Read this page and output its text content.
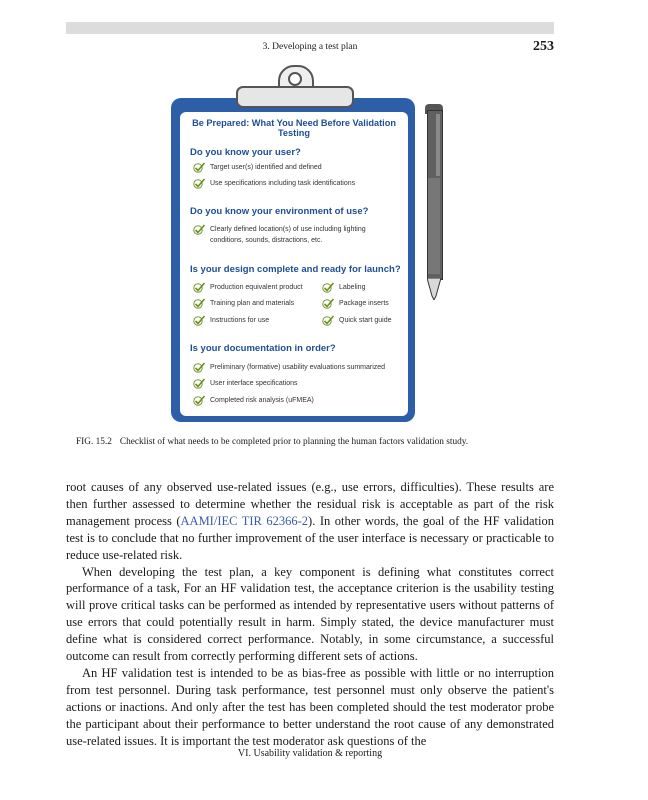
3. Developing a test plan	253
Be Prepared: What You Need Before Validation Testing
Do you know your user?
Target user(s) identified and defined
Use specifications including task identifications
Do you know your environment of use?
Clearly defined location(s) of use including lighting conditions, sounds, distractions, etc.
Is your design complete and ready for launch?
Production equivalent product	Labeling
Training plan and materials	Package inserts
Instructions for use	Quick start guide
Is your documentation in order?
Preliminary (formative) usability evaluations summarized
User interface specifications
Completed risk analysis (uFMEA)
FIG. 15.2 Checklist of what needs to be completed prior to planning the human factors validation study.

root causes of any observed use-related issues (e.g., use errors, difficulties). These results are then further assessed to determine whether the residual risk is acceptable as part of the risk management process (AAMI/IEC TIR 62366-2). In other words, the goal of the HF validation test is to conclude that no further improvement of the user interface is necessary or practicable to reduce use-related risk.

When developing the test plan, a key component is defining what constitutes correct performance of a task, For an HF validation test, the acceptance criterion is the usability testing will prove critical tasks can be performed as intended by representative users without patterns of use errors that could potentially result in harm. Simply stated, the device manufacturer must define what is considered correct performance. Notably, in some circumstance, a successful outcome can result from correctly performing different sets of actions.

An HF validation test is intended to be as bias-free as possible with little or no interruption from test personnel. During task performance, test personnel must only observe the patient's actions or inactions. And only after the test has been completed should the test moderator probe the participant about their performance to better understand the root cause of any demonstrated use-related issues. It is important the test moderator ask questions of the

VI. Usability validation & reporting
